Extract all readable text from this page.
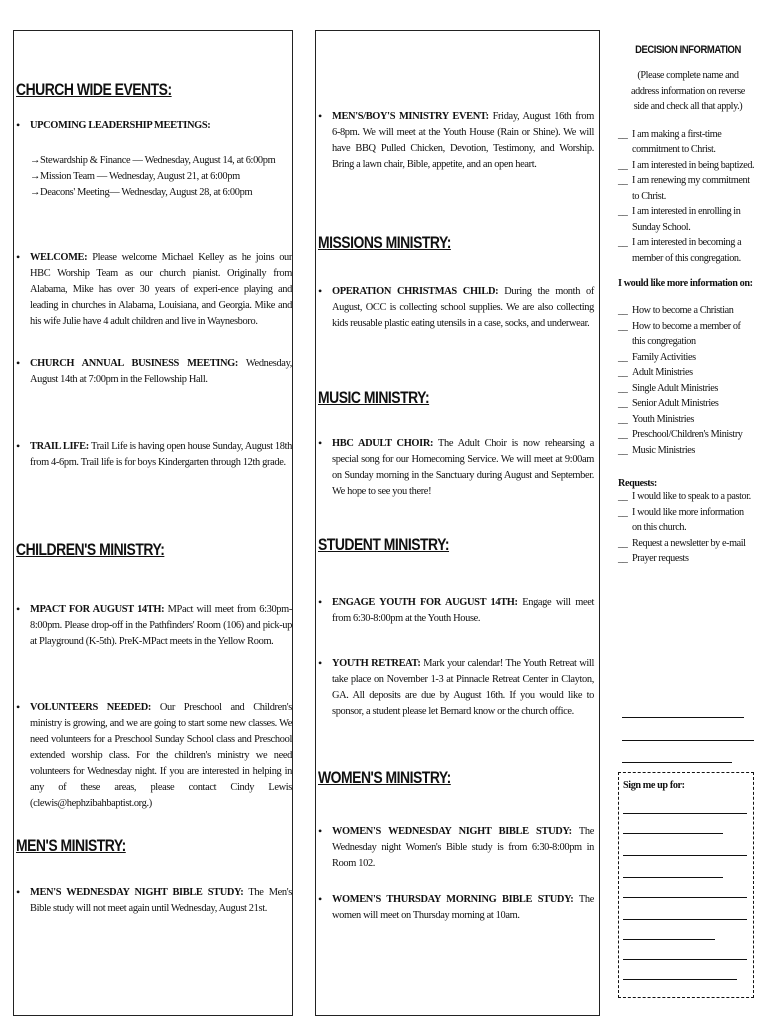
CHURCH WIDE EVENTS:
• UPCOMING LEADERSHIP MEETINGS:
→Stewardship & Finance — Wednesday, August 14, at 6:00pm
→Mission Team — Wednesday, August 21, at 6:00pm
→Deacons' Meeting— Wednesday, August 28, at 6:00pm
• WELCOME: Please welcome Michael Kelley as he joins our HBC Worship Team as our church pianist. Originally from Alabama, Mike has over 30 years of experi-ence playing and leading in churches in Alabama, Louisiana, and Georgia. Mike and his wife Julie have 4 adult children and live in Waynesboro.
• CHURCH ANNUAL BUSINESS MEETING: Wednesday, August 14th at 7:00pm in the Fellowship Hall.
• TRAIL LIFE: Trail Life is having open house Sunday, August 18th from 4-6pm. Trail life is for boys Kindergarten through 12th grade.
CHILDREN'S MINISTRY:
• MPACT FOR AUGUST 14TH: MPact will meet from 6:30pm-8:00pm. Please drop-off in the Pathfinders' Room (106) and pick-up at Playground (K-5th). PreK-MPact meets in the Yellow Room.
• VOLUNTEERS NEEDED: Our Preschool and Children's ministry is growing, and we are going to start some new classes. We need volunteers for a Preschool Sunday School class and Preschool extended worship class. For the children's ministry we need volunteers for Wednesday night. If you are interested in helping in any of these areas, please contact Cindy Lewis (clewis@hephzibahbaptist.org.)
MEN'S MINISTRY:
• MEN'S WEDNESDAY NIGHT BIBLE STUDY: The Men's Bible study will not meet again until Wednesday, August 21st.
• MEN'S/BOY'S MINISTRY EVENT: Friday, August 16th from 6-8pm. We will meet at the Youth House (Rain or Shine). We will have BBQ Pulled Chicken, Devotion, Testimony, and Worship. Bring a lawn chair, Bible, appetite, and an open heart.
MISSIONS MINISTRY:
• OPERATION CHRISTMAS CHILD: During the month of August, OCC is collecting school supplies. We are also collecting kids reusable plastic eating utensils in a case, socks, and underwear.
MUSIC MINISTRY:
• HBC ADULT CHOIR: The Adult Choir is now rehearsing a special song for our Homecoming Service. We will meet at 9:00am on Sunday morning in the Sanctuary during August and September. We hope to see you there!
STUDENT MINISTRY:
• ENGAGE YOUTH FOR AUGUST 14TH: Engage will meet from 6:30-8:00pm at the Youth House.
• YOUTH RETREAT: Mark your calendar! The Youth Retreat will take place on November 1-3 at Pinnacle Retreat Center in Clayton, GA. All deposits are due by August 16th. If you would like to sponsor, a student please let Bernard know or the church office.
WOMEN'S MINISTRY:
• WOMEN'S WEDNESDAY NIGHT BIBLE STUDY: The Wednesday night Women's Bible study is from 6:30-8:00pm in Room 102.
• WOMEN'S THURSDAY MORNING BIBLE STUDY: The women will meet on Thursday morning at 10am.
DECISION INFORMATION
(Please complete name and address information on reverse side and check all that apply.)
__ I am making a first-time
commitment to Christ.
__ I am interested in being baptized.
__ I am renewing my commitment
to Christ.
__ I am interested in enrolling in
Sunday School.
__ I am interested in becoming a
member of this congregation.
I would like more information on:
__ How to become a Christian
__ How to become a member of
this congregation
__ Family Activities
__ Adult Ministries
__ Single Adult Ministries
__ Senior Adult Ministries
__ Youth Ministries
__ Preschool/Children's Ministry
__ Music Ministries
Requests:
__ I would like to speak to a pastor.
__ I would like more information
on this church.
__ Request a newsletter by e-mail
__ Prayer requests
Sign me up for:
